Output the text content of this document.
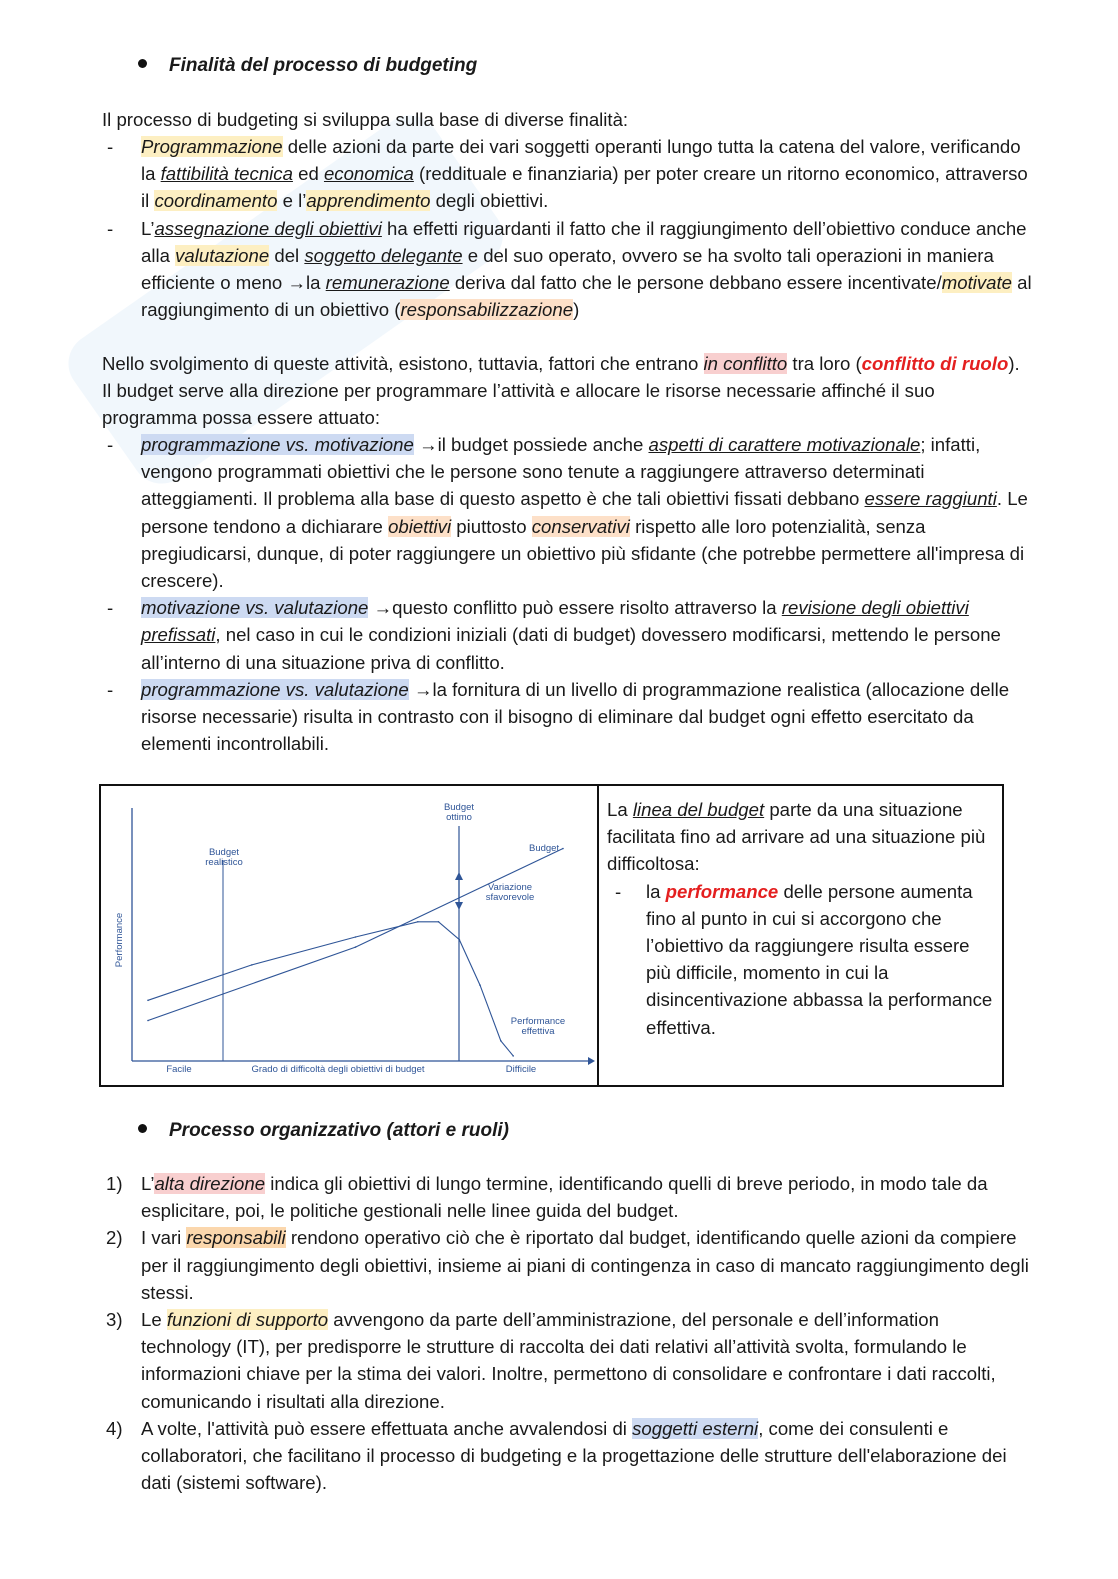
Finalità del processo di budgeting
Il processo di budgeting si sviluppa sulla base di diverse finalità:
- Programmazione delle azioni da parte dei vari soggetti operanti lungo tutta la catena del valore, verificando la fattibilità tecnica ed economica (reddituale e finanziaria) per poter creare un ritorno economico, attraverso il coordinamento e l’apprendimento degli obiettivi.
- L’assegnazione degli obiettivi ha effetti riguardanti il fatto che il raggiungimento dell’obiettivo conduce anche alla valutazione del soggetto delegante e del suo operato, ovvero se ha svolto tali operazioni in maniera efficiente o meno →la remunerazione deriva dal fatto che le persone debbano essere incentivate/motivate al raggiungimento di un obiettivo (responsabilizzazione)
Nello svolgimento di queste attività, esistono, tuttavia, fattori che entrano in conflitto tra loro (conflitto di ruolo). Il budget serve alla direzione per programmare l’attività e allocare le risorse necessarie affinché il suo programma possa essere attuato:
- programmazione vs. motivazione →il budget possiede anche aspetti di carattere motivazionale; infatti, vengono programmati obiettivi che le persone sono tenute a raggiungere attraverso determinati atteggiamenti. Il problema alla base di questo aspetto è che tali obiettivi fissati debbano essere raggiunti. Le persone tendono a dichiarare obiettivi piuttosto conservativi rispetto alle loro potenzialità, senza pregiudicarsi, dunque, di poter raggiungere un obiettivo più sfidante (che potrebbe permettere all'impresa di crescere).
- motivazione vs. valutazione →questo conflitto può essere risolto attraverso la revisione degli obiettivi prefissati, nel caso in cui le condizioni iniziali (dati di budget) dovessero modificarsi, mettendo le persone all’interno di una situazione priva di conflitto.
- programmazione vs. valutazione →la fornitura di un livello di programmazione realistica (allocazione delle risorse necessarie) risulta in contrasto con il bisogno di eliminare dal budget ogni effetto esercitato da elementi incontrollabili.
Budget
ottimo
Budget
realistico
Budget
Variazione
sfavorevole
Performance
effettiva
Performance
Facile	Grado di difficoltà degli obiettivi di budget	Difficile
La linea del budget parte da una situazione facilitata fino ad arrivare ad una situazione più difficoltosa:
- la performance delle persone aumenta fino al punto in cui si accorgono che l’obiettivo da raggiungere risulta essere più difficile, momento in cui la disincentivazione abbassa la performance effettiva.
Processo organizzativo (attori e ruoli)
1) L’alta direzione indica gli obiettivi di lungo termine, identificando quelli di breve periodo, in modo tale da esplicitare, poi, le politiche gestionali nelle linee guida del budget.
2) I vari responsabili rendono operativo ciò che è riportato dal budget, identificando quelle azioni da compiere per il raggiungimento degli obiettivi, insieme ai piani di contingenza in caso di mancato raggiungimento degli stessi.
3) Le funzioni di supporto avvengono da parte dell’amministrazione, del personale e dell’information technology (IT), per predisporre le strutture di raccolta dei dati relativi all’attività svolta, formulando le informazioni chiave per la stima dei valori. Inoltre, permettono di consolidare e confrontare i dati raccolti, comunicando i risultati alla direzione.
4) A volte, l'attività può essere effettuata anche avvalendosi di soggetti esterni, come dei consulenti e collaboratori, che facilitano il processo di budgeting e la progettazione delle strutture dell'elaborazione dei dati (sistemi software).
